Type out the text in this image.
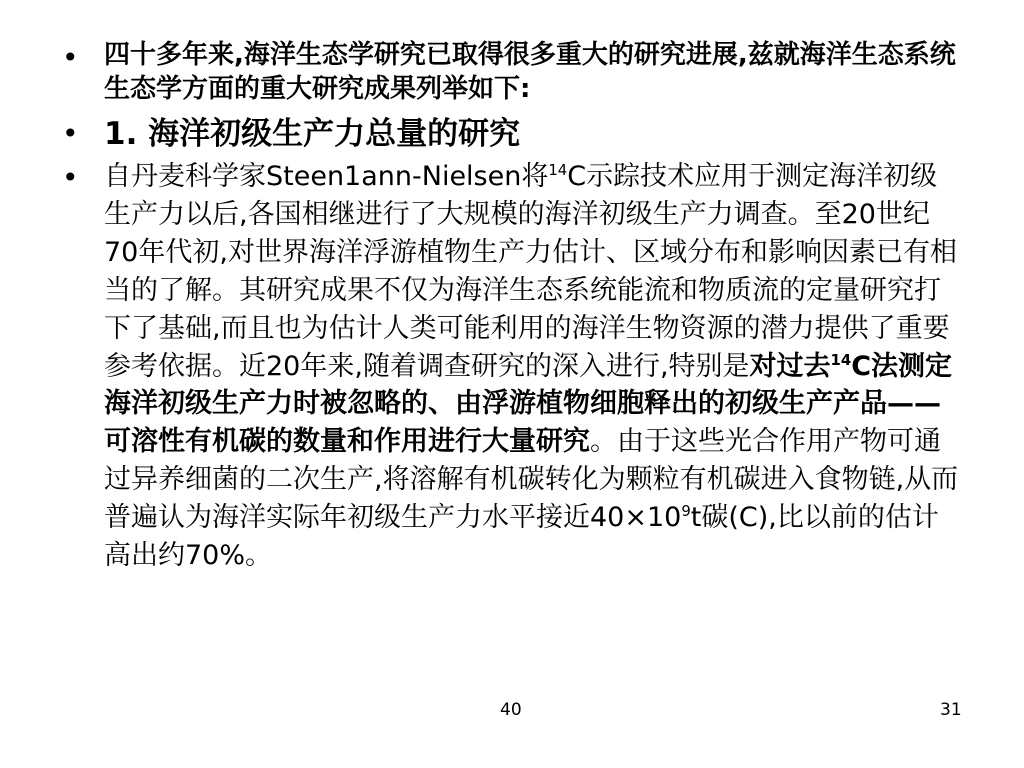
• 四十多年来,海洋生态学研究已取得很多重大的研究进展,兹就海洋生态系统生态学方面的重大研究成果列举如下:
• 1. 海洋初级生产力总量的研究
• 自丹麦科学家Steen1ann-Nielsen将$^{14}$C示踪技术应用于测定海洋初级生产力以后,各国相继进行了大规模的海洋初级生产力调查。至20世纪70年代初,对世界海洋浮游植物生产力估计、区域分布和影响因素已有相当的了解。其研究成果不仅为海洋生态系统能流和物质流的定量研究打下了基础,而且也为估计人类可能利用的海洋生物资源的潜力提供了重要参考依据。近20年来,随着调查研究的深入进行,特别是对过去$^{14}$C法测定海洋初级生产力时被忽略的、由浮游植物细胞释出的初级生产产品——可溶性有机碳的数量和作用进行大量研究。由于这些光合作用产物可通过异养细菌的二次生产,将溶解有机碳转化为颗粒有机碳进入食物链,从而普遍认为海洋实际年初级生产力水平接近$40\times 10^9t$碳(C),比以前的估计高出约70%。
40	31
